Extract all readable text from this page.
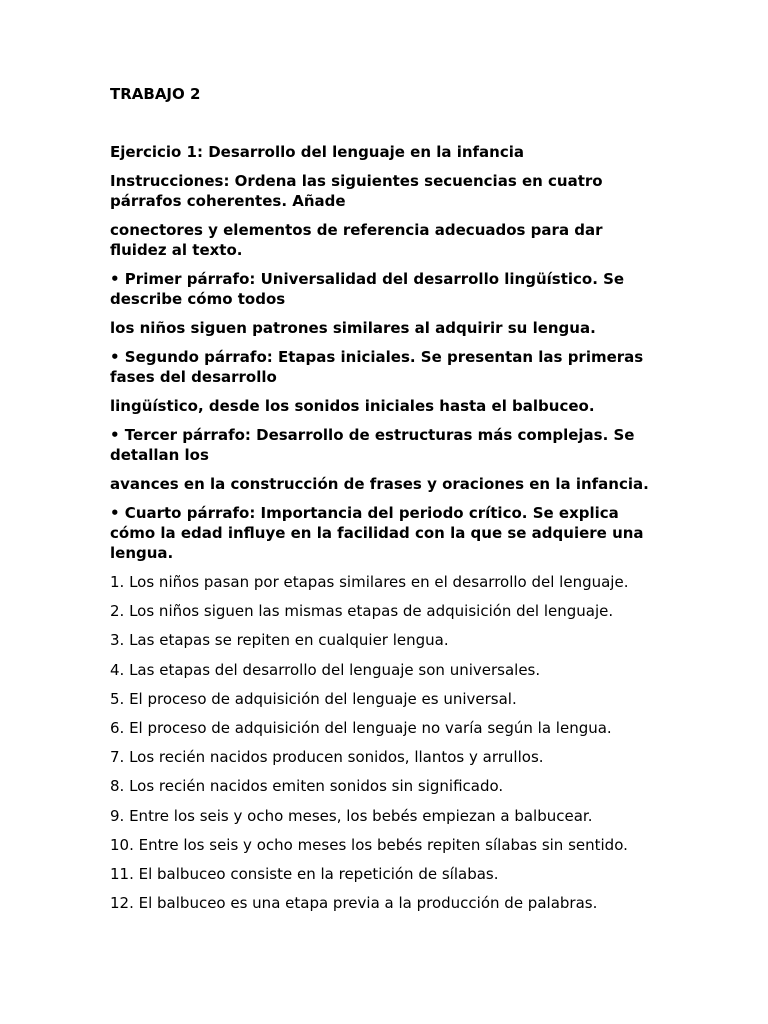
TRABAJO 2

Ejercicio 1: Desarrollo del lenguaje en la infancia

Instrucciones: Ordena las siguientes secuencias en cuatro párrafos coherentes. Añade

conectores y elementos de referencia adecuados para dar fluidez al texto.

• Primer párrafo: Universalidad del desarrollo lingüístico. Se describe cómo todos

los niños siguen patrones similares al adquirir su lengua.

• Segundo párrafo: Etapas iniciales. Se presentan las primeras fases del desarrollo

lingüístico, desde los sonidos iniciales hasta el balbuceo.

• Tercer párrafo: Desarrollo de estructuras más complejas. Se detallan los

avances en la construcción de frases y oraciones en la infancia.

• Cuarto párrafo: Importancia del periodo crítico. Se explica cómo la edad influye en la facilidad con la que se adquiere una lengua.

1. Los niños pasan por etapas similares en el desarrollo del lenguaje.

2. Los niños siguen las mismas etapas de adquisición del lenguaje.

3. Las etapas se repiten en cualquier lengua.

4. Las etapas del desarrollo del lenguaje son universales.

5. El proceso de adquisición del lenguaje es universal.

6. El proceso de adquisición del lenguaje no varía según la lengua.

7. Los recién nacidos producen sonidos, llantos y arrullos.

8. Los recién nacidos emiten sonidos sin significado.

9. Entre los seis y ocho meses, los bebés empiezan a balbucear.

10. Entre los seis y ocho meses los bebés repiten sílabas sin sentido.

11. El balbuceo consiste en la repetición de sílabas.

12. El balbuceo es una etapa previa a la producción de palabras.
